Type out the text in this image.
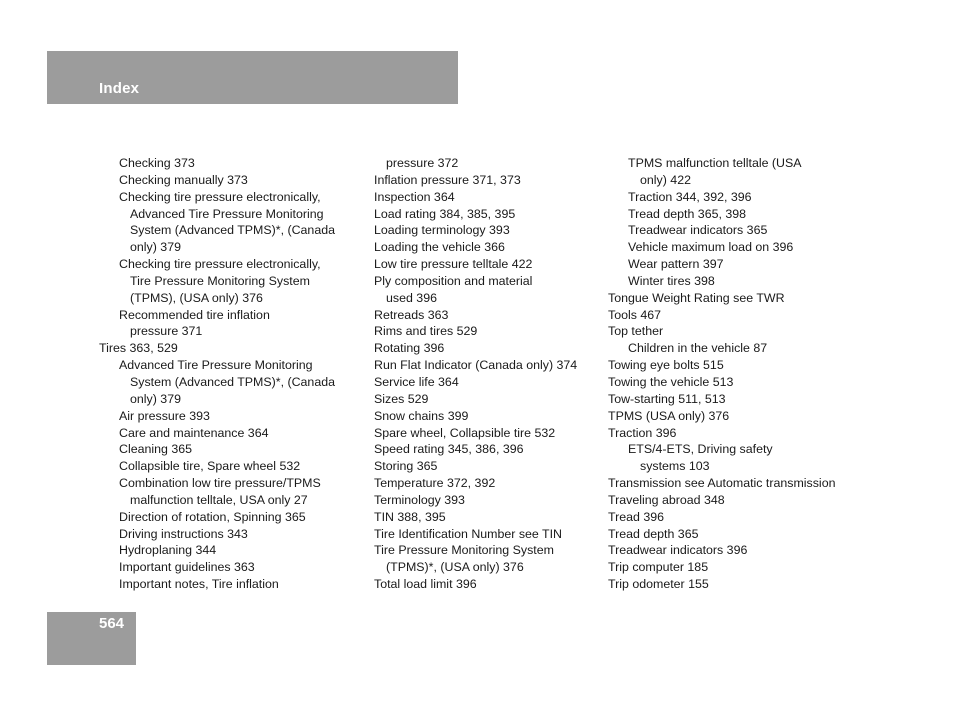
Index
Checking 373
Checking manually 373
Checking tire pressure electronically,
Advanced Tire Pressure Monitoring
System (Advanced TPMS)*, (Canada
only) 379
Checking tire pressure electronically,
Tire Pressure Monitoring System
(TPMS), (USA only) 376
Recommended tire inflation
pressure 371
Tires 363, 529
Advanced Tire Pressure Monitoring
System (Advanced TPMS)*, (Canada
only) 379
Air pressure 393
Care and maintenance 364
Cleaning 365
Collapsible tire, Spare wheel 532
Combination low tire pressure/TPMS
malfunction telltale, USA only 27
Direction of rotation, Spinning 365
Driving instructions 343
Hydroplaning 344
Important guidelines 363
Important notes, Tire inflation
pressure 372
Inflation pressure 371, 373
Inspection 364
Load rating 384, 385, 395
Loading terminology 393
Loading the vehicle 366
Low tire pressure telltale 422
Ply composition and material
used 396
Retreads 363
Rims and tires 529
Rotating 396
Run Flat Indicator (Canada only) 374
Service life 364
Sizes 529
Snow chains 399
Spare wheel, Collapsible tire 532
Speed rating 345, 386, 396
Storing 365
Temperature 372, 392
Terminology 393
TIN 388, 395
Tire Identification Number see TIN
Tire Pressure Monitoring System
(TPMS)*, (USA only) 376
Total load limit 396
TPMS malfunction telltale (USA
only) 422
Traction 344, 392, 396
Tread depth 365, 398
Treadwear indicators 365
Vehicle maximum load on 396
Wear pattern 397
Winter tires 398
Tongue Weight Rating see TWR
Tools 467
Top tether
Children in the vehicle 87
Towing eye bolts 515
Towing the vehicle 513
Tow-starting 511, 513
TPMS (USA only) 376
Traction 396
ETS/4-ETS, Driving safety
systems 103
Transmission see Automatic transmission
Traveling abroad 348
Tread 396
Tread depth 365
Treadwear indicators 396
Trip computer 185
Trip odometer 155
564
